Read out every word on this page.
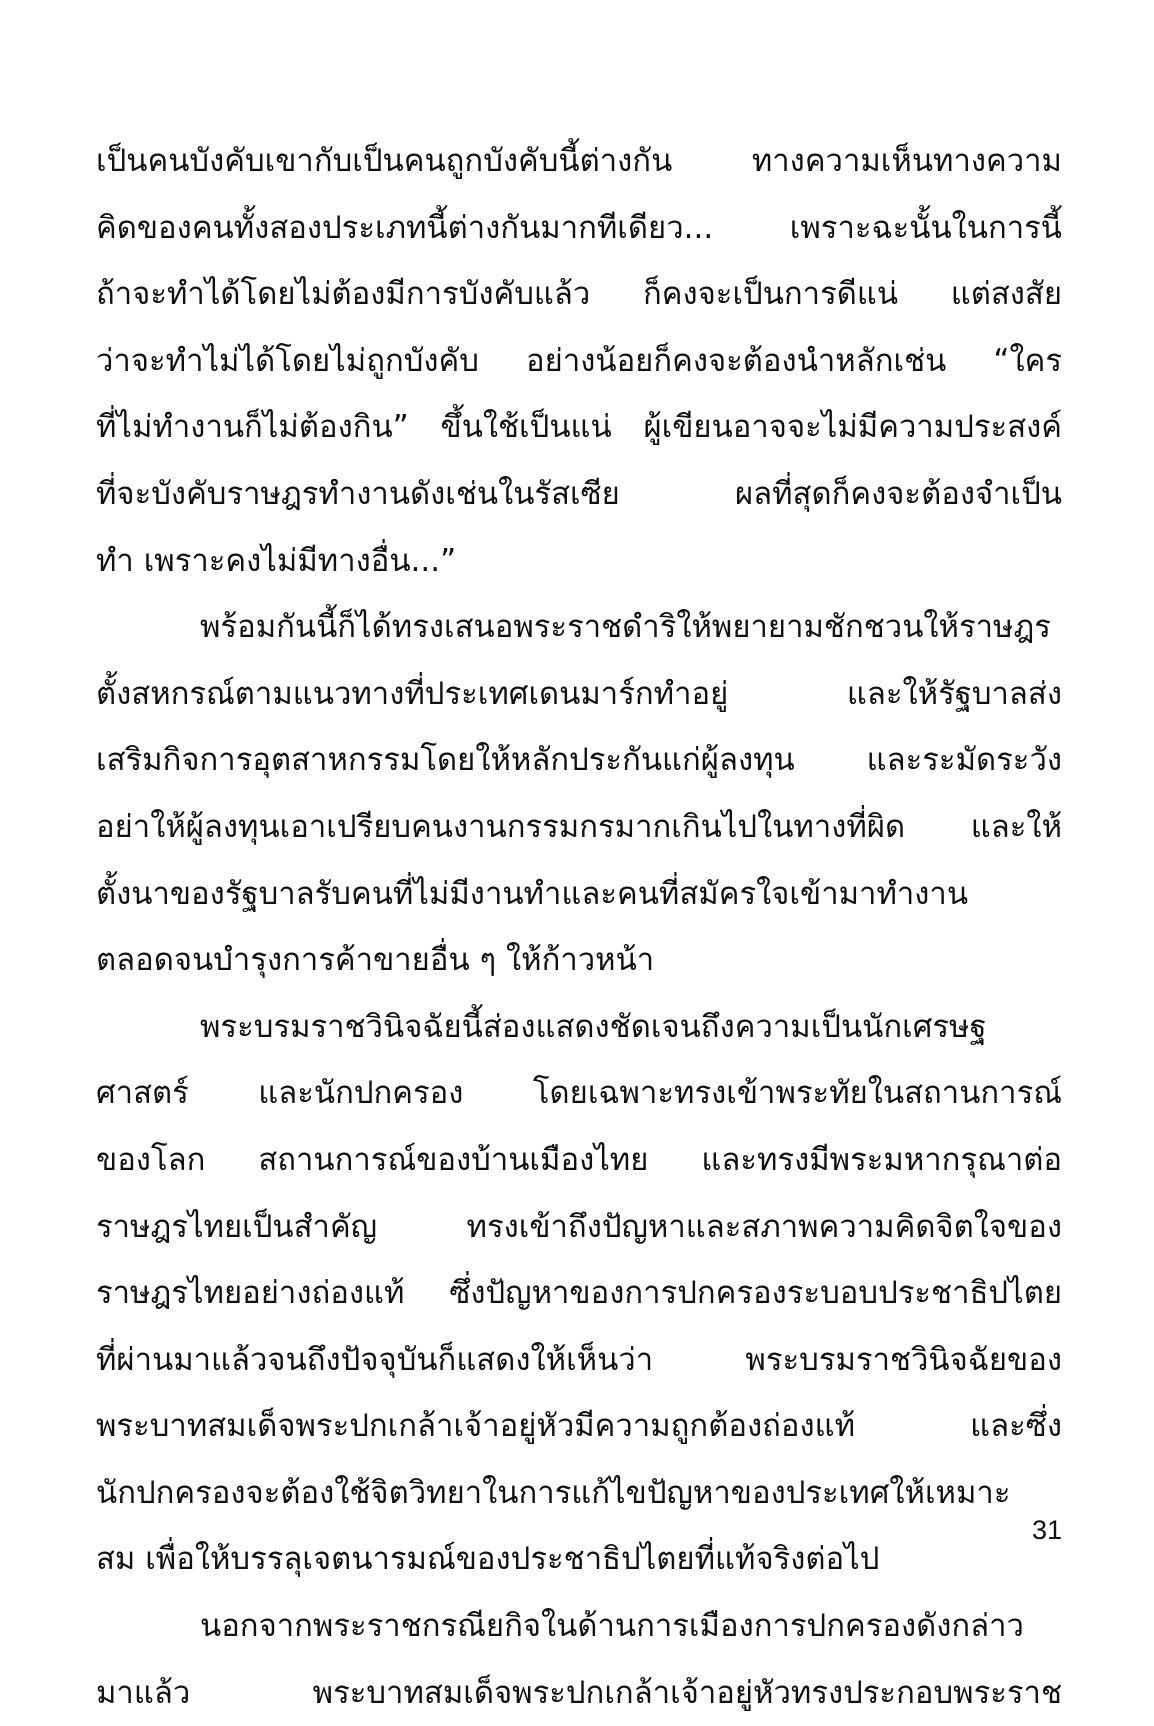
เป็นคนบังคับเขากับเป็นคนถูกบังคับนี้ต่างกัน ทางความเห็นทางความ
คิดของคนทั้งสองประเภทนี้ต่างกันมากทีเดียว... เพราะฉะนั้นในการนี้
ถ้าจะทำได้โดยไม่ต้องมีการบังคับแล้ว ก็คงจะเป็นการดีแน่ แต่สงสัย
ว่าจะทำไม่ได้โดยไม่ถูกบังคับ อย่างน้อยก็คงจะต้องนำหลักเช่น “ใคร
ที่ไม่ทำงานก็ไม่ต้องกิน” ขึ้นใช้เป็นแน่ ผู้เขียนอาจจะไม่มีความประสงค์
ที่จะบังคับราษฎรทำงานดังเช่นในรัสเซีย ผลที่สุดก็คงจะต้องจำเป็น
ทำ เพราะคงไม่มีทางอื่น...”
พร้อมกันนี้ก็ได้ทรงเสนอพระราชดำริให้พยายามชักชวนให้ราษฎร
ตั้งสหกรณ์ตามแนวทางที่ประเทศเดนมาร์กทำอยู่ และให้รัฐบาลส่ง
เสริมกิจการอุตสาหกรรมโดยให้หลักประกันแก่ผู้ลงทุน และระมัดระวัง
อย่าให้ผู้ลงทุนเอาเปรียบคนงานกรรมกรมากเกินไปในทางที่ผิด และให้
ตั้งนาของรัฐบาลรับคนที่ไม่มีงานทำและคนที่สมัครใจเข้ามาทำงาน
ตลอดจนบำรุงการค้าขายอื่น ๆ ให้ก้าวหน้า
พระบรมราชวินิจฉัยนี้ส่องแสดงชัดเจนถึงความเป็นนักเศรษฐ
ศาสตร์ และนักปกครอง โดยเฉพาะทรงเข้าพระทัยในสถานการณ์
ของโลก สถานการณ์ของบ้านเมืองไทย และทรงมีพระมหากรุณาต่อ
ราษฎรไทยเป็นสำคัญ ทรงเข้าถึงปัญหาและสภาพความคิดจิตใจของ
ราษฎรไทยอย่างถ่องแท้ ซึ่งปัญหาของการปกครองระบอบประชาธิปไตย
ที่ผ่านมาแล้วจนถึงปัจจุบันก็แสดงให้เห็นว่า พระบรมราชวินิจฉัยของ
พระบาทสมเด็จพระปกเกล้าเจ้าอยู่หัวมีความถูกต้องถ่องแท้ และซึ่ง
นักปกครองจะต้องใช้จิตวิทยาในการแก้ไขปัญหาของประเทศให้เหมาะ
สม เพื่อให้บรรลุเจตนารมณ์ของประชาธิปไตยที่แท้จริงต่อไป
นอกจากพระราชกรณียกิจในด้านการเมืองการปกครองดังกล่าว
มาแล้ว พระบาทสมเด็จพระปกเกล้าเจ้าอยู่หัวทรงประกอบพระราช
31
